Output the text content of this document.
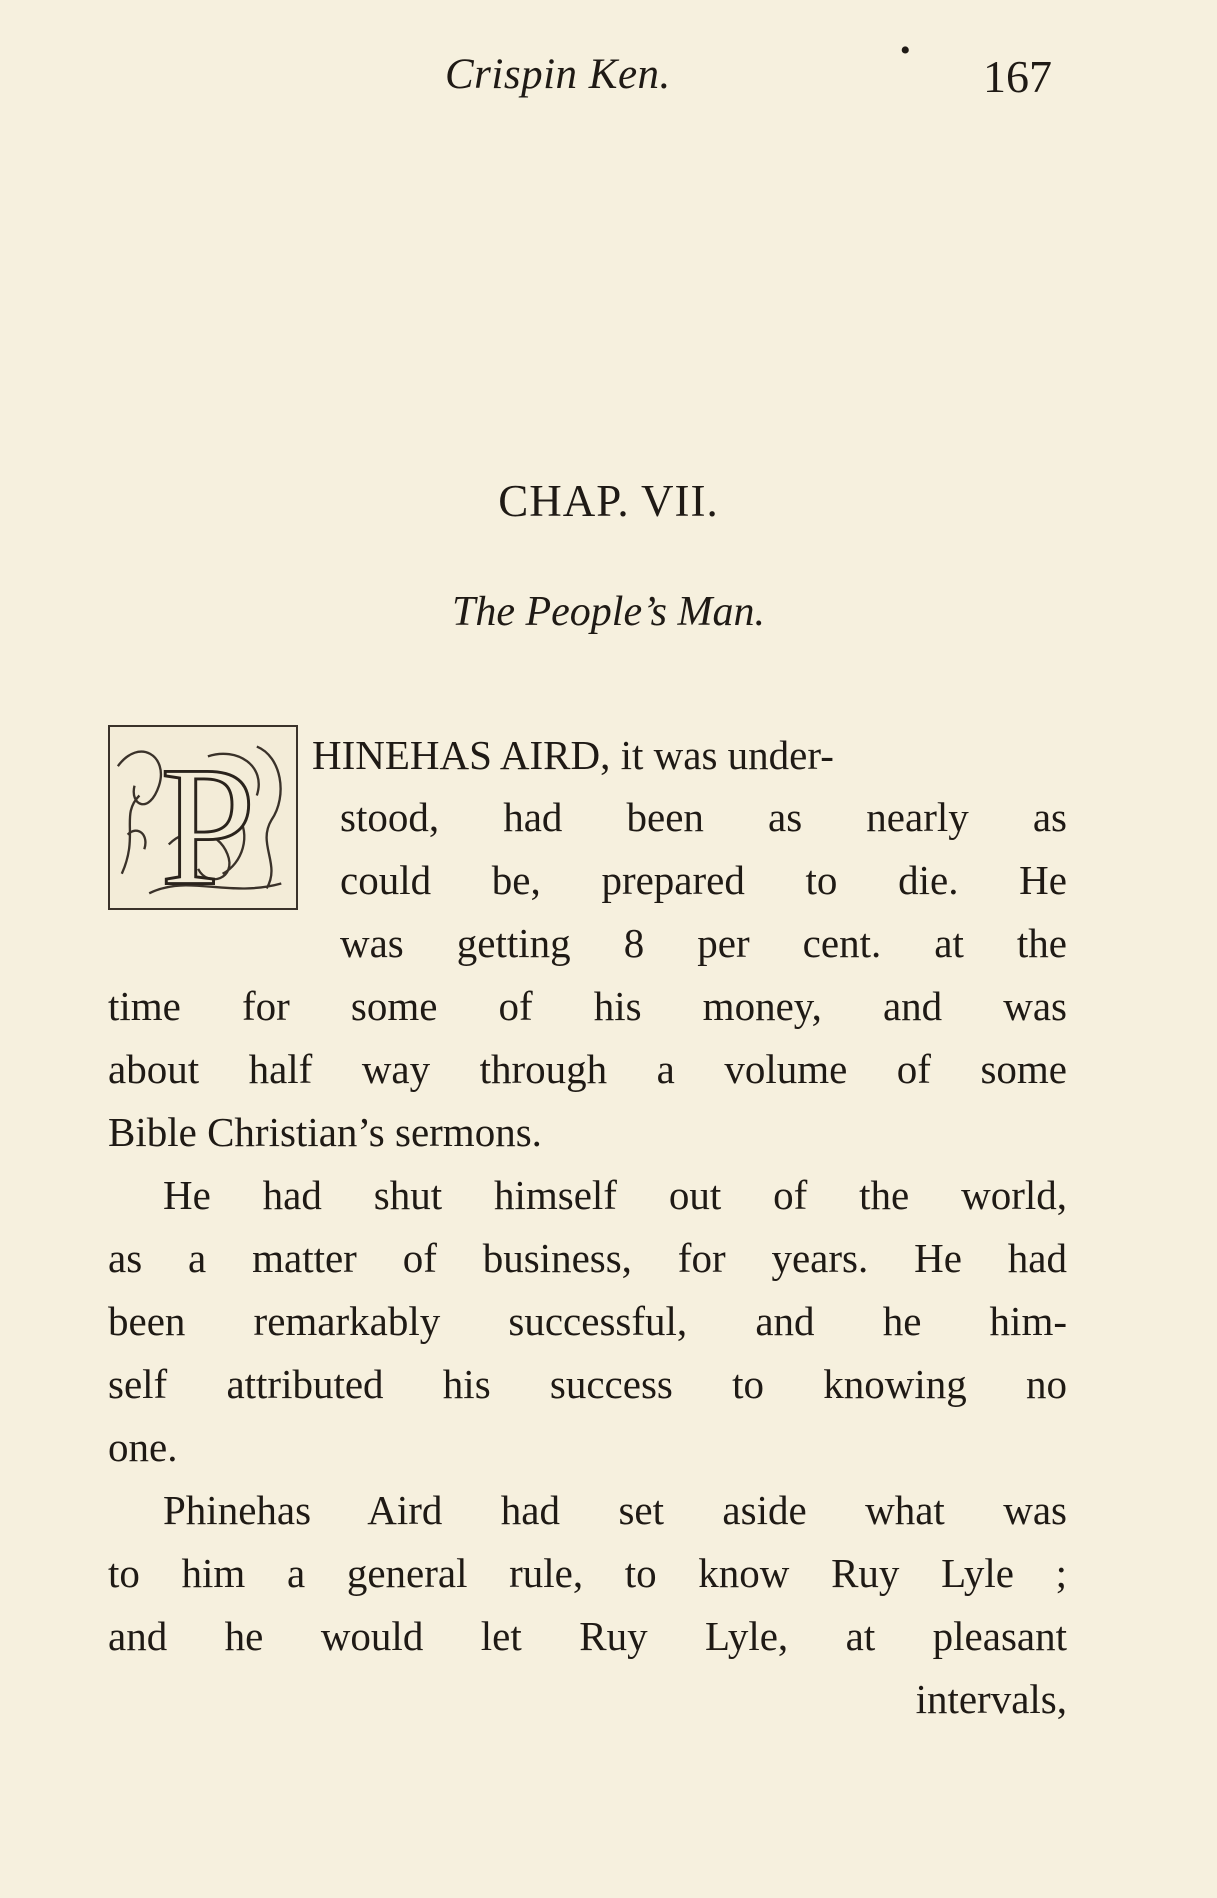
Crispin Ken.
•
167
CHAP. VII.
The People’s Man.
P HINEHAS AIRD, it was under-
stood, had been as nearly as
could be, prepared to die. He
was getting 8 per cent. at the
time for some of his money, and was
about half way through a volume of some
Bible Christian’s sermons.
He had shut himself out of the world,
as a matter of business, for years. He had
been remarkably successful, and he him-
self attributed his success to knowing no
one.
Phinehas Aird had set aside what was
to him a general rule, to know Ruy Lyle ;
and he would let Ruy Lyle, at pleasant
intervals,
